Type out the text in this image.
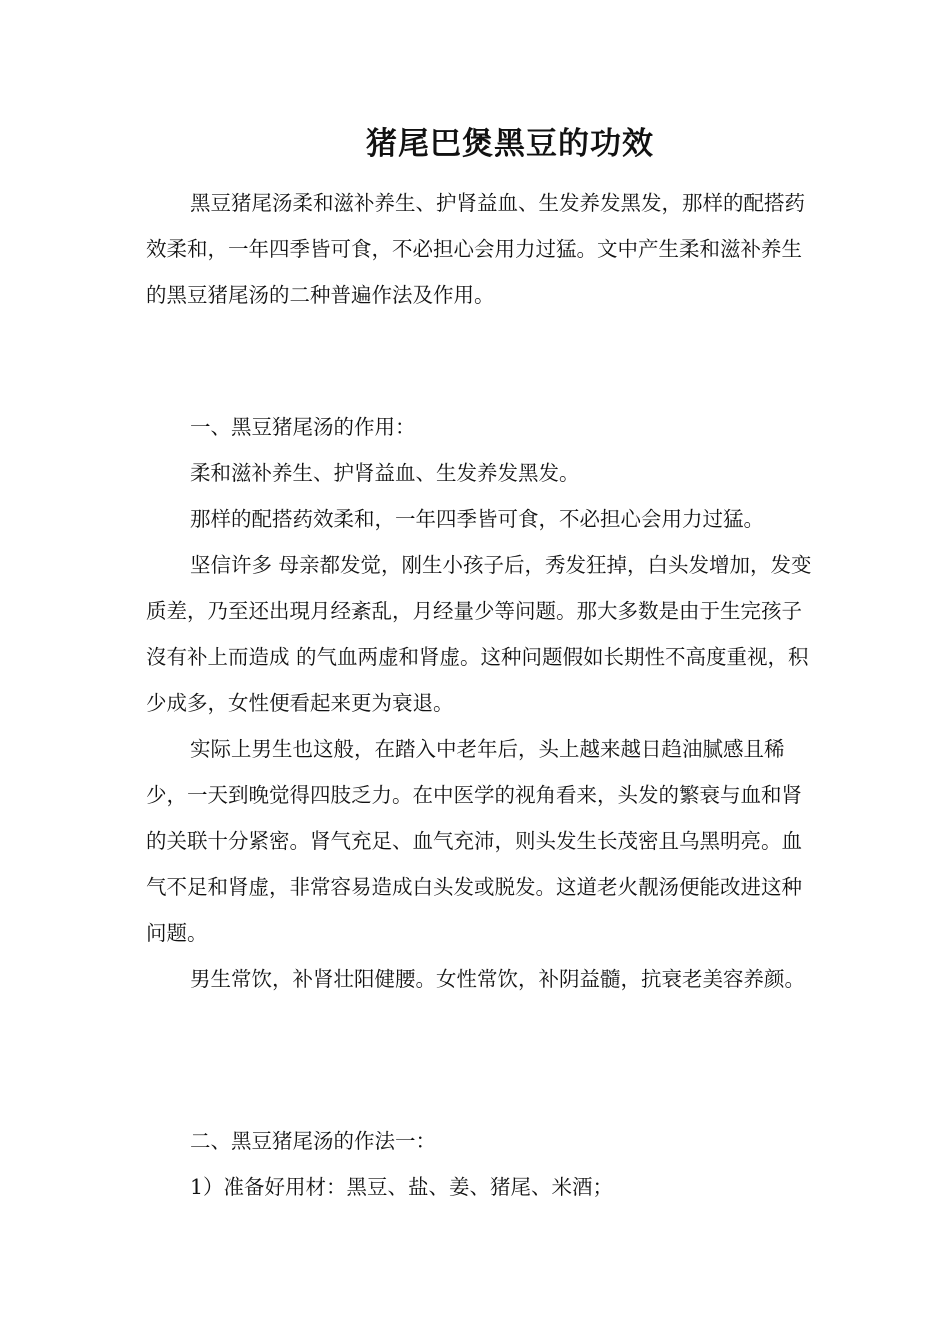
猪尾巴煲黑豆的功效

黑豆猪尾汤柔和滋补养生、护肾益血、生发养发黑发，那样的配搭药效柔和，一年四季皆可食，不必担心会用力过猛。文中产生柔和滋补养生的黑豆猪尾汤的二种普遍作法及作用。

一、黑豆猪尾汤的作用：

柔和滋补养生、护肾益血、生发养发黑发。

那样的配搭药效柔和，一年四季皆可食，不必担心会用力过猛。

坚信许多 母亲都发觉，刚生小孩子后，秀发狂掉，白头发增加，发变质差，乃至还出現月经紊乱，月经量少等问题。那大多数是由于生完孩子沒有补上而造成 的气血两虚和肾虚。这种问题假如长期性不高度重视，积少成多，女性便看起来更为衰退。

实际上男生也这般，在踏入中老年后，头上越来越日趋油腻感且稀少，一天到晚觉得四肢乏力。在中医学的视角看来，头发的繁衰与血和肾的关联十分紧密。肾气充足、血气充沛，则头发生长茂密且乌黑明亮。血气不足和肾虚，非常容易造成白头发或脱发。这道老火靓汤便能改进这种问题。

男生常饮，补肾壮阳健腰。女性常饮，补阴益髓，抗衰老美容养颜。

二、黑豆猪尾汤的作法一：

1）准备好用材：黑豆、盐、姜、猪尾、米酒；
